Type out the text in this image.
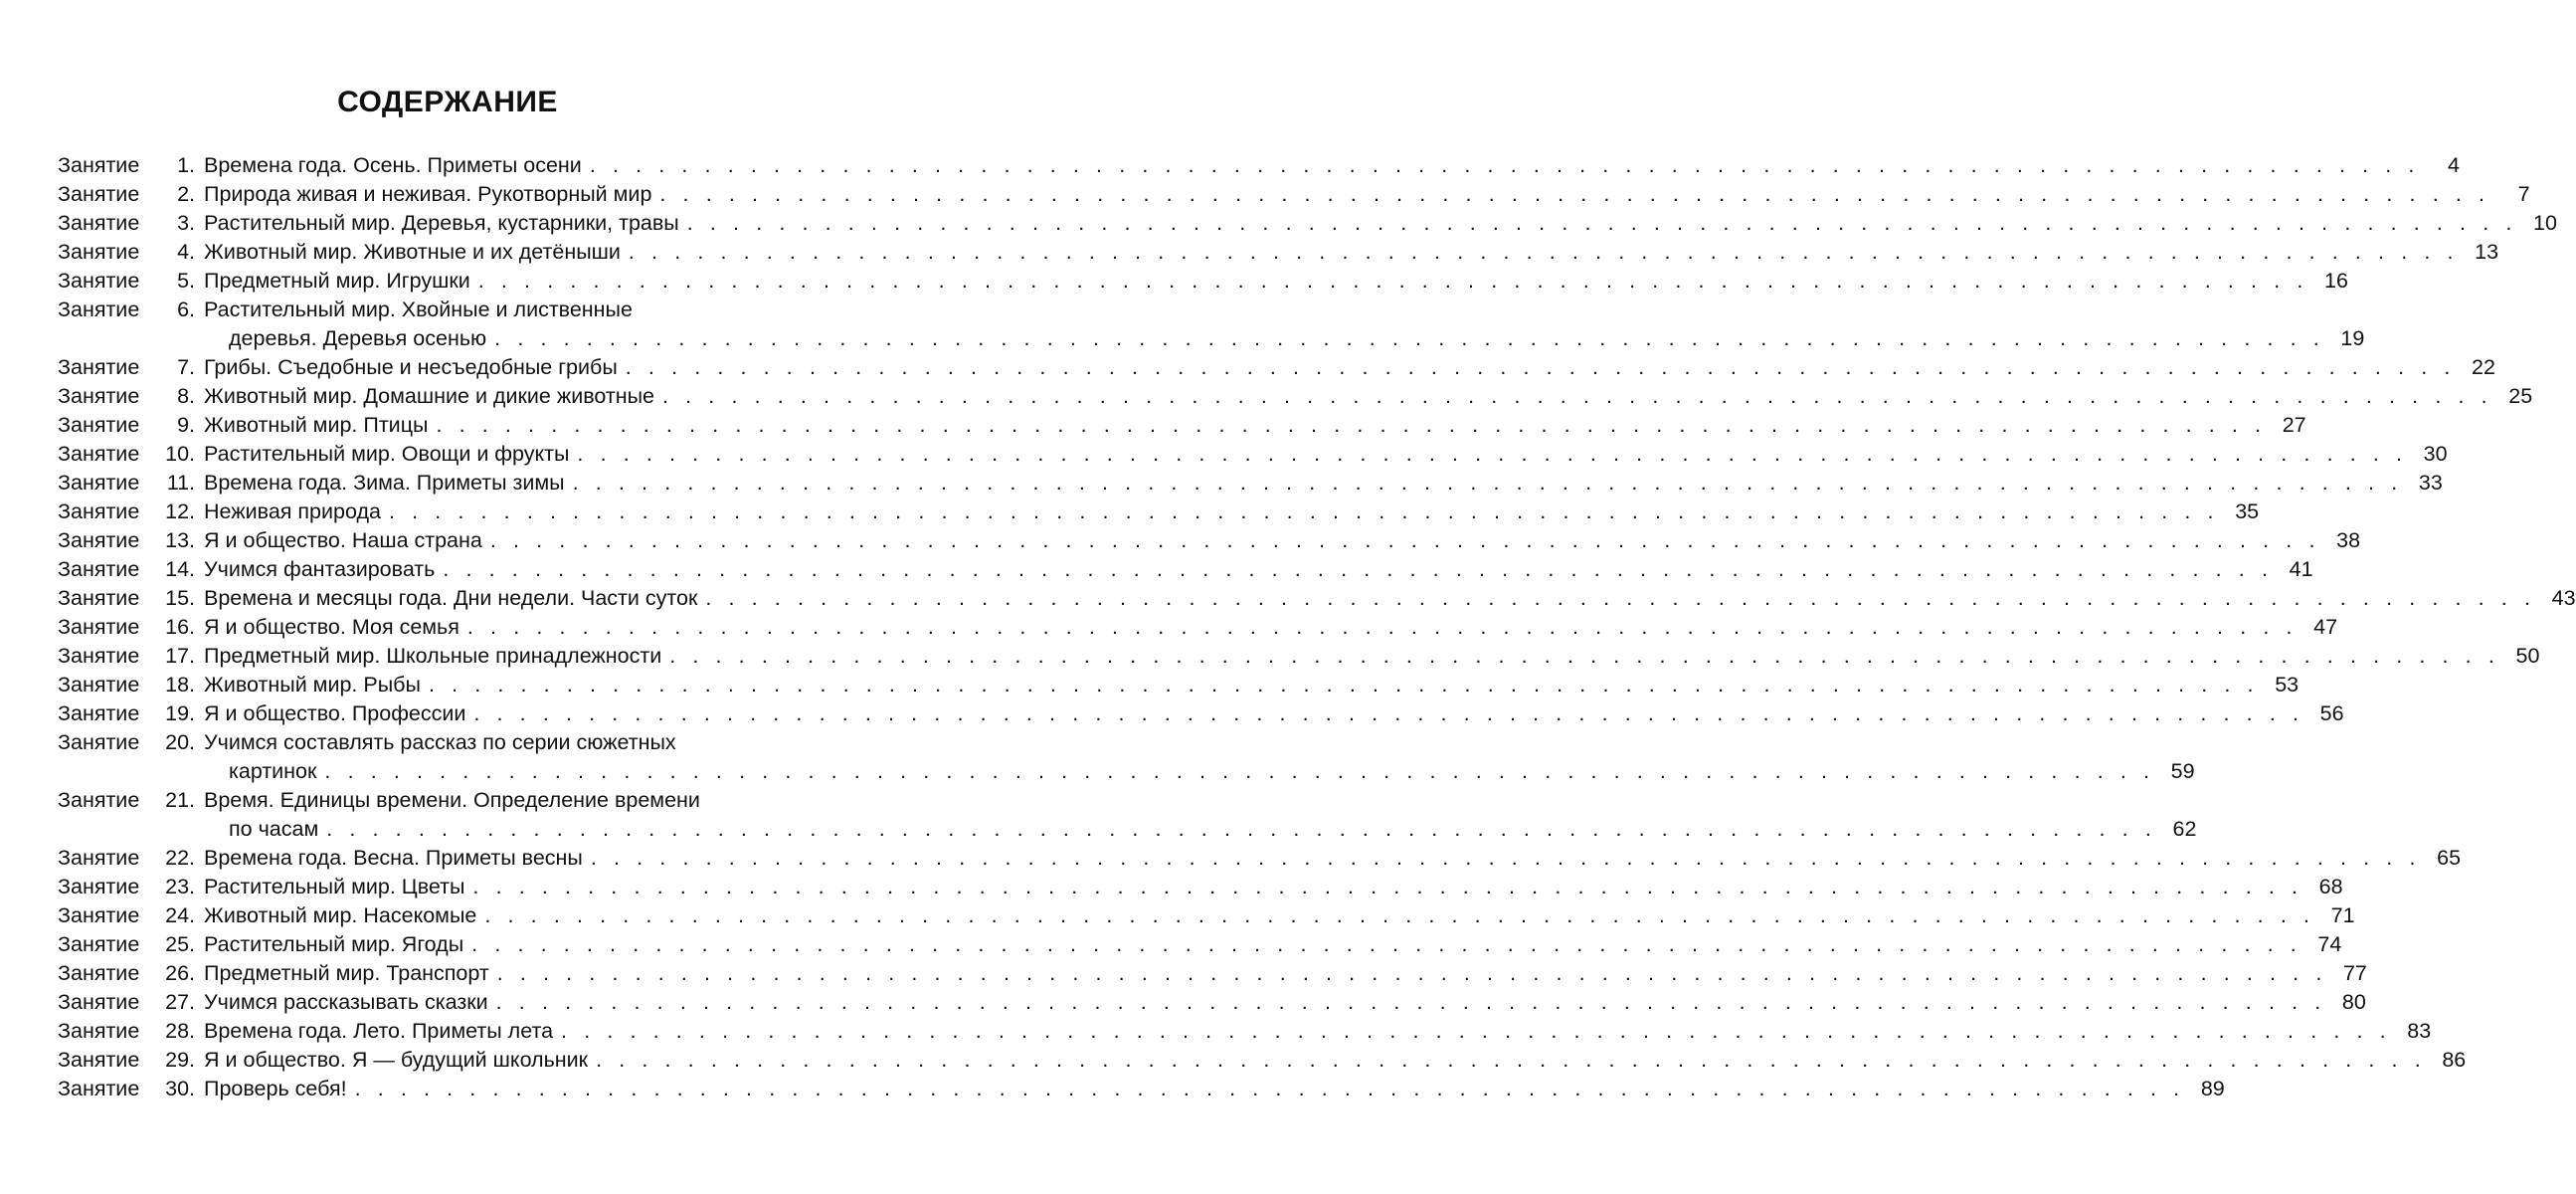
СОДЕРЖАНИЕ
Занятие	1. Времена года. Осень. Приметы осени . . . . . . . . . . . . . . . . . . . . . . . . . . . . . . . . . . . . . . . . . . . . . . . . . . . . . . . . . . . . . . . . . . . . . . . . . . . . . . . .	4
Занятие	2. Природа живая и неживая. Рукотворный мир . . . . . . . . . . . . . . . . . . . . . . . . . . . . . . . . . . . . . . . . . . . . . . . . . . . . . . . . . . . . . . . . . . . . . . . . . . . . . . . .	7
Занятие	3. Растительный мир. Деревья, кустарники, травы . . . . . . . . . . . . . . . . . . . . . . . . . . . . . . . . . . . . . . . . . . . . . . . . . . . . . . . . . . . . . . . . . . . . . . . . . . . . . . . . 10
Занятие	4. Животный мир. Животные и их детёныши . . . . . . . . . . . . . . . . . . . . . . . . . . . . . . . . . . . . . . . . . . . . . . . . . . . . . . . . . . . . . . . . . . . . . . . . . . . . . . . . 13
Занятие	5. Предметный мир. Игрушки . . . . . . . . . . . . . . . . . . . . . . . . . . . . . . . . . . . . . . . . . . . . . . . . . . . . . . . . . . . . . . . . . . . . . . . . . . . . . . . . 16
Занятие	6. Растительный мир. Хвойные и лиственные
деревья. Деревья осенью . . . . . . . . . . . . . . . . . . . . . . . . . . . . . . . . . . . . . . . . . . . . . . . . . . . . . . . . . . . . . . . . . . . . . . . . . . . . . . . . 19
Занятие	7. Грибы. Съедобные и несъедобные грибы . . . . . . . . . . . . . . . . . . . . . . . . . . . . . . . . . . . . . . . . . . . . . . . . . . . . . . . . . . . . . . . . . . . . . . . . . . . . . . . . 22
Занятие	8. Животный мир. Домашние и дикие животные . . . . . . . . . . . . . . . . . . . . . . . . . . . . . . . . . . . . . . . . . . . . . . . . . . . . . . . . . . . . . . . . . . . . . . . . . . . . . . . . 25
Занятие	9. Животный мир. Птицы . . . . . . . . . . . . . . . . . . . . . . . . . . . . . . . . . . . . . . . . . . . . . . . . . . . . . . . . . . . . . . . . . . . . . . . . . . . . . . . . 27
Занятие	10. Растительный мир. Овощи и фрукты . . . . . . . . . . . . . . . . . . . . . . . . . . . . . . . . . . . . . . . . . . . . . . . . . . . . . . . . . . . . . . . . . . . . . . . . . . . . . . . . 30
Занятие	11. Времена года. Зима. Приметы зимы . . . . . . . . . . . . . . . . . . . . . . . . . . . . . . . . . . . . . . . . . . . . . . . . . . . . . . . . . . . . . . . . . . . . . . . . . . . . . . . . 33
Занятие	12. Неживая природа . . . . . . . . . . . . . . . . . . . . . . . . . . . . . . . . . . . . . . . . . . . . . . . . . . . . . . . . . . . . . . . . . . . . . . . . . . . . . . . . 35
Занятие	13. Я и общество. Наша страна . . . . . . . . . . . . . . . . . . . . . . . . . . . . . . . . . . . . . . . . . . . . . . . . . . . . . . . . . . . . . . . . . . . . . . . . . . . . . . . . 38
Занятие	14. Учимся фантазировать . . . . . . . . . . . . . . . . . . . . . . . . . . . . . . . . . . . . . . . . . . . . . . . . . . . . . . . . . . . . . . . . . . . . . . . . . . . . . . . . 41
Занятие	15. Времена и месяцы года. Дни недели. Части суток . . . . . . . . . . . . . . . . . . . . . . . . . . . . . . . . . . . . . . . . . . . . . . . . . . . . . . . . . . . . . . . . . . . . . . . . . . . . . . . . 43
Занятие	16. Я и общество. Моя семья . . . . . . . . . . . . . . . . . . . . . . . . . . . . . . . . . . . . . . . . . . . . . . . . . . . . . . . . . . . . . . . . . . . . . . . . . . . . . . . . 47
Занятие	17. Предметный мир. Школьные принадлежности . . . . . . . . . . . . . . . . . . . . . . . . . . . . . . . . . . . . . . . . . . . . . . . . . . . . . . . . . . . . . . . . . . . . . . . . . . . . . . . . 50
Занятие	18. Животный мир. Рыбы . . . . . . . . . . . . . . . . . . . . . . . . . . . . . . . . . . . . . . . . . . . . . . . . . . . . . . . . . . . . . . . . . . . . . . . . . . . . . . . . 53
Занятие	19. Я и общество. Профессии . . . . . . . . . . . . . . . . . . . . . . . . . . . . . . . . . . . . . . . . . . . . . . . . . . . . . . . . . . . . . . . . . . . . . . . . . . . . . . . . 56
Занятие	20. Учимся составлять рассказ по серии сюжетных
картинок . . . . . . . . . . . . . . . . . . . . . . . . . . . . . . . . . . . . . . . . . . . . . . . . . . . . . . . . . . . . . . . . . . . . . . . . . . . . . . . . 59
Занятие	21. Время. Единицы времени. Определение времени
по часам . . . . . . . . . . . . . . . . . . . . . . . . . . . . . . . . . . . . . . . . . . . . . . . . . . . . . . . . . . . . . . . . . . . . . . . . . . . . . . . . 62
Занятие	22. Времена года. Весна. Приметы весны . . . . . . . . . . . . . . . . . . . . . . . . . . . . . . . . . . . . . . . . . . . . . . . . . . . . . . . . . . . . . . . . . . . . . . . . . . . . . . . . 65
Занятие	23. Растительный мир. Цветы . . . . . . . . . . . . . . . . . . . . . . . . . . . . . . . . . . . . . . . . . . . . . . . . . . . . . . . . . . . . . . . . . . . . . . . . . . . . . . . . 68
Занятие	24. Животный мир. Насекомые . . . . . . . . . . . . . . . . . . . . . . . . . . . . . . . . . . . . . . . . . . . . . . . . . . . . . . . . . . . . . . . . . . . . . . . . . . . . . . . . 71
Занятие	25. Растительный мир. Ягоды . . . . . . . . . . . . . . . . . . . . . . . . . . . . . . . . . . . . . . . . . . . . . . . . . . . . . . . . . . . . . . . . . . . . . . . . . . . . . . . . 74
Занятие	26. Предметный мир. Транспорт . . . . . . . . . . . . . . . . . . . . . . . . . . . . . . . . . . . . . . . . . . . . . . . . . . . . . . . . . . . . . . . . . . . . . . . . . . . . . . . . 77
Занятие	27. Учимся рассказывать сказки . . . . . . . . . . . . . . . . . . . . . . . . . . . . . . . . . . . . . . . . . . . . . . . . . . . . . . . . . . . . . . . . . . . . . . . . . . . . . . . . 80
Занятие	28. Времена года. Лето. Приметы лета . . . . . . . . . . . . . . . . . . . . . . . . . . . . . . . . . . . . . . . . . . . . . . . . . . . . . . . . . . . . . . . . . . . . . . . . . . . . . . . . 83
Занятие	29. Я и общество. Я — будущий школьник . . . . . . . . . . . . . . . . . . . . . . . . . . . . . . . . . . . . . . . . . . . . . . . . . . . . . . . . . . . . . . . . . . . . . . . . . . . . . . . . 86
Занятие	30. Проверь себя! . . . . . . . . . . . . . . . . . . . . . . . . . . . . . . . . . . . . . . . . . . . . . . . . . . . . . . . . . . . . . . . . . . . . . . . . . . . . . . . . 89
